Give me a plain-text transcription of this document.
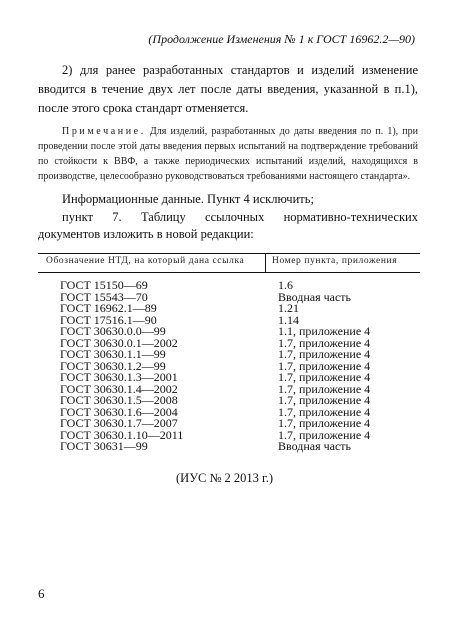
(Продолжение Изменения № 1 к ГОСТ 16962.2—90)
2) для ранее разработанных стандартов и изделий изменение вводится в течение двух лет после даты введения, указанной в п.1), после этого срока стандарт отменяется.
Примечание. Для изделий, разработанных до даты введения по п. 1), при проведении после этой даты введения первых испытаний на подтверждение требований по стойкости к ВВФ, а также периодических испытаний изделий, находящихся в производстве, целесообразно руководствоваться требованиями настоящего стандарта».
Информационные данные. Пункт 4 исключить;
пункт 7. Таблицу ссылочных нормативно-технических документов изложить в новой редакции:
Обозначение НТД, на который дана ссылка	Номер пункта, приложения
ГОСТ 15150—69	1.6
ГОСТ 15543—70	Вводная часть
ГОСТ 16962.1—89	1.21
ГОСТ 17516.1—90	1.14
ГОСТ 30630.0.0—99	1.1, приложение 4
ГОСТ 30630.0.1—2002	1.7, приложение 4
ГОСТ 30630.1.1—99	1.7, приложение 4
ГОСТ 30630.1.2—99	1.7, приложение 4
ГОСТ 30630.1.3—2001	1.7, приложение 4
ГОСТ 30630.1.4—2002	1.7, приложение 4
ГОСТ 30630.1.5—2008	1.7, приложение 4
ГОСТ 30630.1.6—2004	1.7, приложение 4
ГОСТ 30630.1.7—2007	1.7, приложение 4
ГОСТ 30630.1.10—2011	1.7, приложение 4
ГОСТ 30631—99	Вводная часть
(ИУС № 2 2013 г.)
6
